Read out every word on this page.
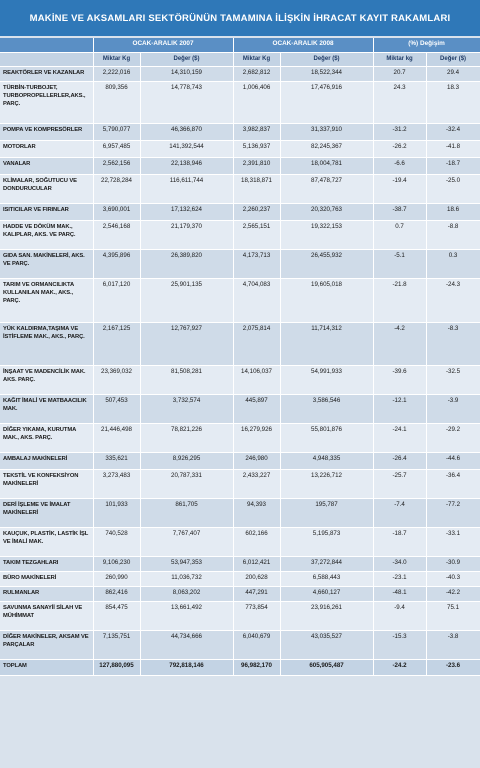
MAKİNE VE AKSAMLARI SEKTÖRÜNÜN TAMAMINA İLİŞKİN İHRACAT KAYIT RAKAMLARI
	OCAK-ARALIK 2007		OCAK-ARALIK 2008		(%) Değişim	
	Miktar Kg	Değer ($)	Miktar Kg	Değer ($)	Miktar kg	Değer ($)
REAKTÖRLER VE KAZANLAR	2,222,016	14,310,159	2,682,812	18,522,344	20.7	29.4
TÜRBİN-TURBOJET, TURBOPROPELLERLER,AKS., PARÇ.	809,356	14,778,743	1,006,406	17,476,916	24.3	18.3
POMPA VE KOMPRESÖRLER	5,790,077	46,366,870	3,982,837	31,337,910	-31.2	-32.4
MOTORLAR	6,957,485	141,392,544	5,136,937	82,245,367	-26.2	-41.8
VANALAR	2,562,156	22,138,946	2,391,810	18,004,781	-6.6	-18.7
KLİMALAR, SOĞUTUCU VE DONDURUCULAR	22,728,284	116,611,744	18,318,871	87,478,727	-19.4	-25.0
ISITICILAR VE FIRINLAR	3,690,001	17,132,624	2,260,237	20,320,763	-38.7	18.6
HADDE VE DÖKÜM MAK., KALIPLAR, AKS. VE PARÇ.	2,546,168	21,179,370	2,565,151	19,322,153	0.7	-8.8
GIDA SAN. MAKİNELERİ, AKS. VE PARÇ.	4,395,896	26,389,820	4,173,713	26,455,932	-5.1	0.3
TARIM VE ORMANCILIKTA KULLANILAN MAK., AKS., PARÇ.	6,017,120	25,901,135	4,704,083	19,605,018	-21.8	-24.3
YÜK KALDIRMA,TAŞIMA VE İSTİFLEME MAK., AKS., PARÇ.	2,167,125	12,767,927	2,075,814	11,714,312	-4.2	-8.3
İNŞAAT VE MADENCİLİK MAK. AKS. PARÇ.	23,369,032	81,508,281	14,106,037	54,991,933	-39.6	-32.5
KAĞIT İMALİ VE MATBAACILIK MAK.	507,453	3,732,574	445,897	3,586,546	-12.1	-3.9
DİĞER YIKAMA, KURUTMA MAK., AKS. PARÇ.	21,446,498	78,821,226	16,279,926	55,801,876	-24.1	-29.2
AMBALAJ MAKİNELERİ	335,621	8,926,295	246,980	4,948,335	-26.4	-44.6
TEKSTİL VE KONFEKSİYON MAKİNELERİ	3,273,483	20,787,331	2,433,227	13,226,712	-25.7	-36.4
DERİ İŞLEME VE İMALAT MAKİNELERİ	101,933	861,705	94,393	195,787	-7.4	-77.2
KAUÇUK, PLASTİK, LASTİK İŞL VE İMALİ MAK.	740,528	7,767,407	602,166	5,195,873	-18.7	-33.1
TAKIM TEZGAHLARI	9,106,230	53,947,353	6,012,421	37,272,844	-34.0	-30.9
BÜRO MAKİNELERİ	260,990	11,036,732	200,628	6,588,443	-23.1	-40.3
RULMANLAR	862,416	8,063,202	447,291	4,660,127	-48.1	-42.2
SAVUNMA SANAYİİ SİLAH VE MÜHİMMAT	854,475	13,661,492	773,854	23,916,261	-9.4	75.1
DİĞER MAKİNELER, AKSAM VE PARÇALAR	7,135,751	44,734,666	6,040,679	43,035,527	-15.3	-3.8
TOPLAM	127,880,095	792,818,146	96,982,170	605,905,487	-24.2	-23.6
